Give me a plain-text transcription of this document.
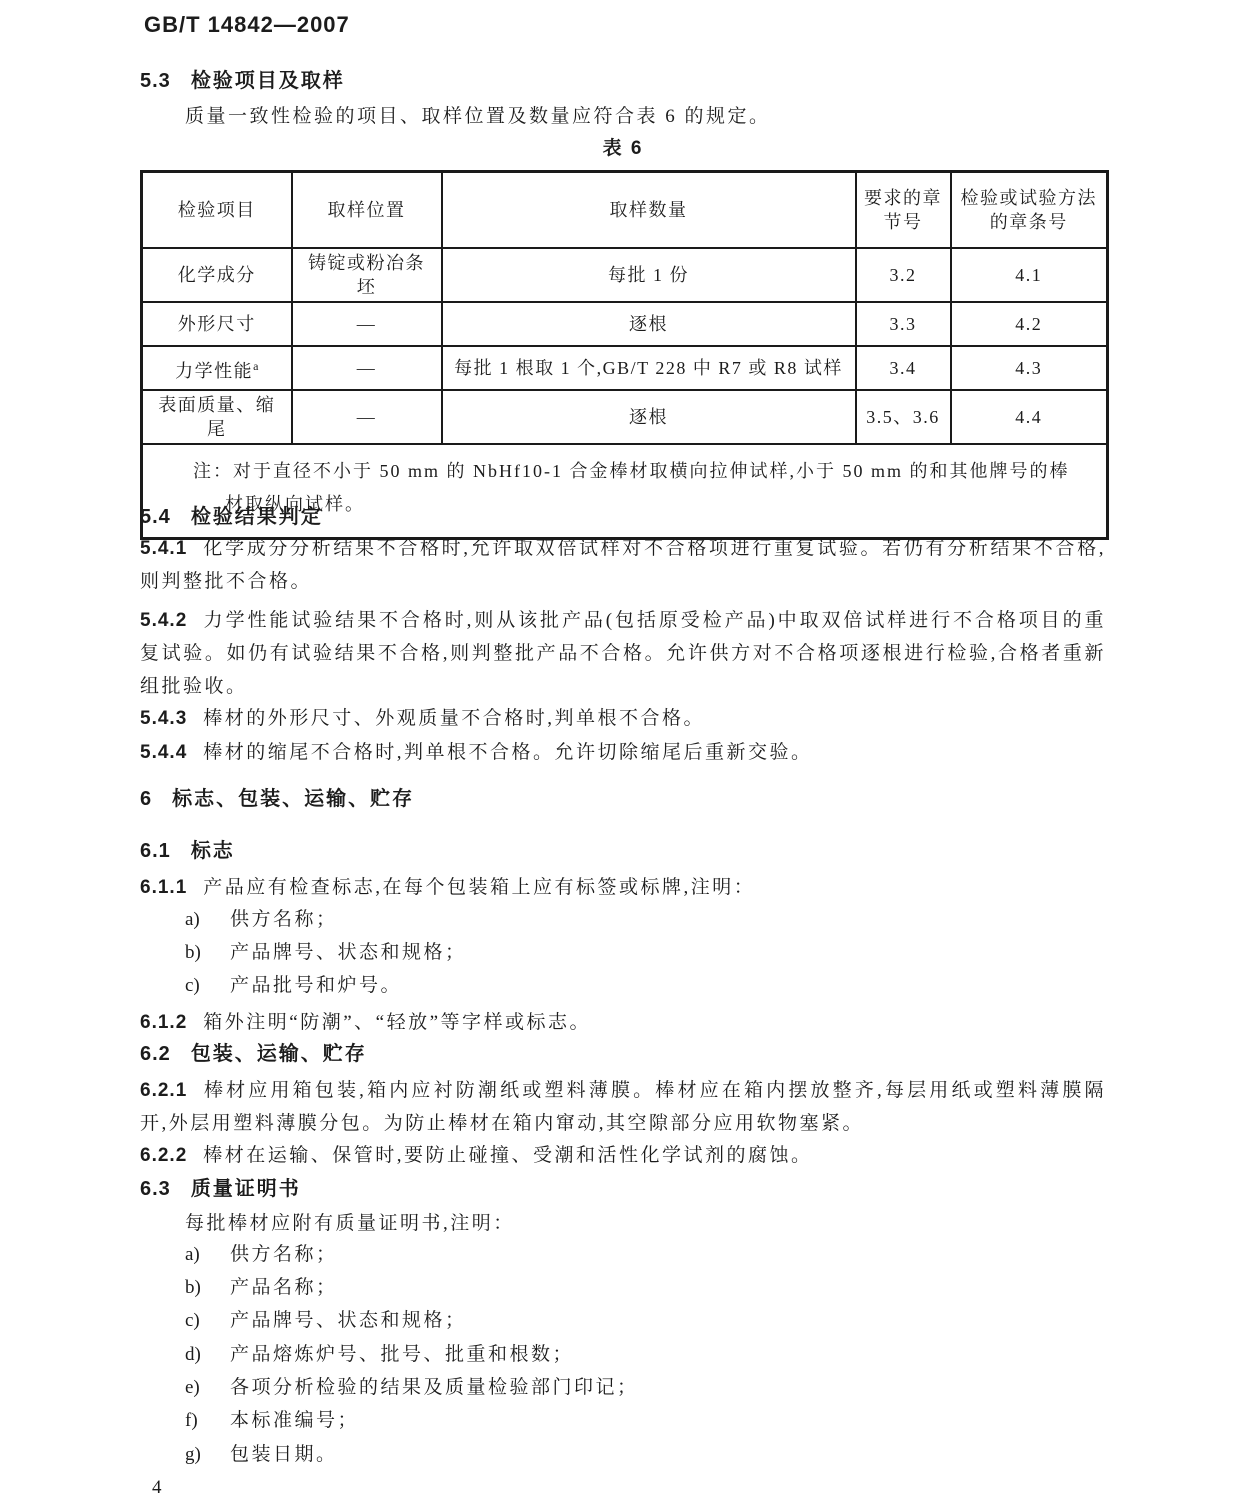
GB/T 14842—2007
5.3 检验项目及取样
质量一致性检验的项目、取样位置及数量应符合表 6 的规定。
表 6
检验项目	取样位置	取样数量	要求的章节号	检验或试验方法的章条号
化学成分	铸锭或粉冶条坯	每批 1 份	3.2	4.1
外形尺寸	—	逐根	3.3	4.2
力学性能$^a$	—	每批 1 根取 1 个,GB/T 228 中 R7 或 R8 试样	3.4	4.3
表面质量、缩尾	—	逐根	3.5、3.6	4.4
注：对于直径不小于 50 mm 的 NbHf10-1 合金棒材取横向拉伸试样,小于 50 mm 的和其他牌号的棒材取纵向试样。				
5.4 检验结果判定
5.4.1 化学成分分析结果不合格时,允许取双倍试样对不合格项进行重复试验。若仍有分析结果不合格,则判整批不合格。
5.4.2 力学性能试验结果不合格时,则从该批产品(包括原受检产品)中取双倍试样进行不合格项目的重复试验。如仍有试验结果不合格,则判整批产品不合格。允许供方对不合格项逐根进行检验,合格者重新组批验收。
5.4.3 棒材的外形尺寸、外观质量不合格时,判单根不合格。
5.4.4 棒材的缩尾不合格时,判单根不合格。允许切除缩尾后重新交验。
6 标志、包装、运输、贮存
6.1 标志
6.1.1 产品应有检查标志,在每个包装箱上应有标签或标牌,注明：
a) 供方名称；
b) 产品牌号、状态和规格；
c) 产品批号和炉号。
6.1.2 箱外注明“防潮”、“轻放”等字样或标志。
6.2 包装、运输、贮存
6.2.1 棒材应用箱包装,箱内应衬防潮纸或塑料薄膜。棒材应在箱内摆放整齐,每层用纸或塑料薄膜隔开,外层用塑料薄膜分包。为防止棒材在箱内窜动,其空隙部分应用软物塞紧。
6.2.2 棒材在运输、保管时,要防止碰撞、受潮和活性化学试剂的腐蚀。
6.3 质量证明书
每批棒材应附有质量证明书,注明：
a) 供方名称；
b) 产品名称；
c) 产品牌号、状态和规格；
d) 产品熔炼炉号、批号、批重和根数；
e) 各项分析检验的结果及质量检验部门印记；
f) 本标准编号；
g) 包装日期。
4
